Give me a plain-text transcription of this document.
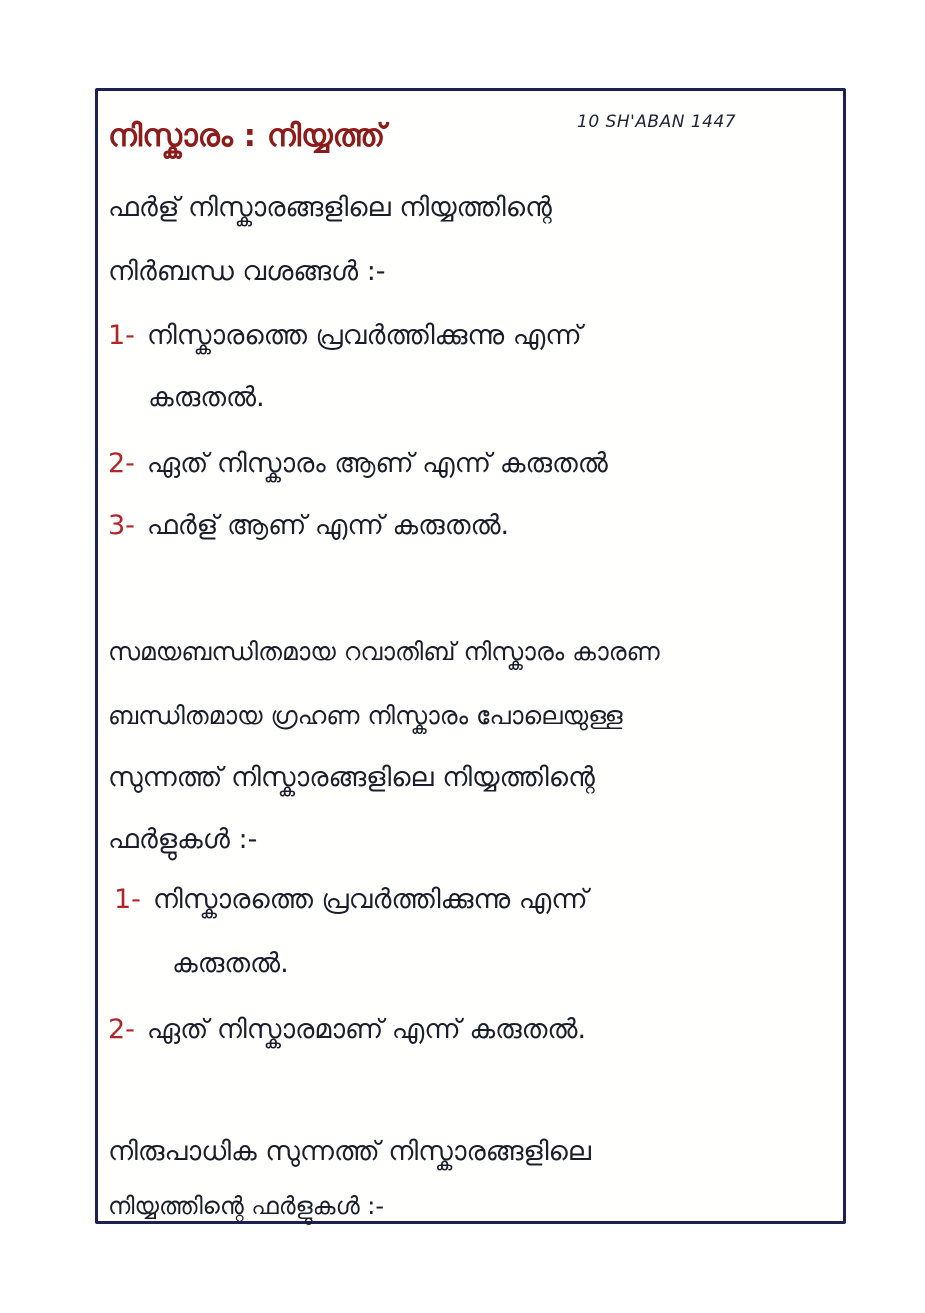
10 SH'ABAN 1447
നിസ്കാരം : നിയ്യത്ത്
ഫർള് നിസ്കാരങ്ങളിലെ നിയ്യത്തിന്റെ
നിർബന്ധ വശങ്ങൾ :-
1- നിസ്കാരത്തെ പ്രവർത്തിക്കുന്നു എന്ന്
കരുതൽ.
2- ഏത് നിസ്കാരം ആണ് എന്ന് കരുതൽ
3- ഫർള് ആണ് എന്ന് കരുതൽ.
സമയബന്ധിതമായ റവാതിബ് നിസ്കാരം കാരണ
ബന്ധിതമായ ഗ്രഹണ നിസ്കാരം പോലെയുള്ള
സുന്നത്ത് നിസ്കാരങ്ങളിലെ നിയ്യത്തിന്റെ
ഫർളുകൾ :-
1- നിസ്കാരത്തെ പ്രവർത്തിക്കുന്നു എന്ന്
കരുതൽ.
2- ഏത് നിസ്കാരമാണ് എന്ന് കരുതൽ.
നിരുപാധിക സുന്നത്ത് നിസ്കാരങ്ങളിലെ
നിയ്യത്തിന്റെ ഫർളുകൾ :-
